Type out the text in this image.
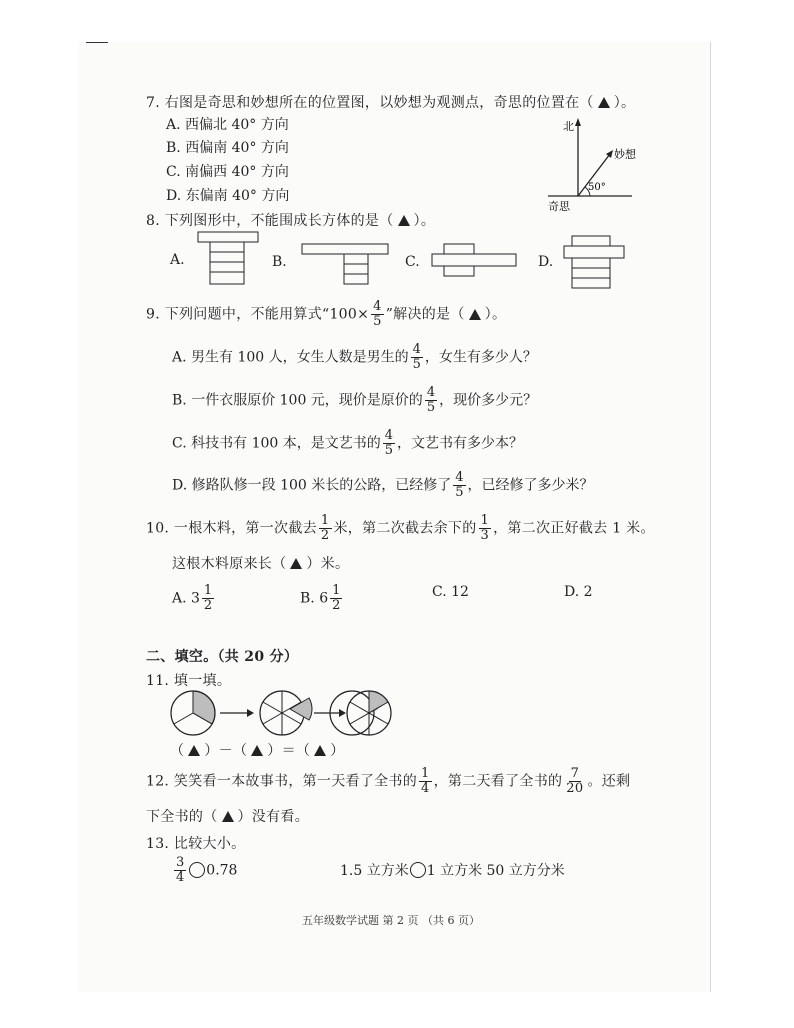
7. 右图是奇思和妙想所在的位置图，以妙想为观测点，奇思的位置在（ ）。
A. 西偏北 40° 方向
B. 西偏南 40° 方向
C. 南偏西 40° 方向
D. 东偏南 40° 方向
北
妙想
50°
奇思
8. 下列图形中，不能围成长方体的是（ ）。
A.	B.	C.	D.
9. 下列问题中，不能用算式“$100\times \frac{4}{5}$ ”解决的是（ ）。
A. 男生有 100 人，女生人数是男生的 $\frac{4}{5}$ ，女生有多少人？
B. 一件衣服原价 100 元，现价是原价的 $\frac{4}{5}$ ，现价多少元？
C. 科技书有 100 本，是文艺书的 $\frac{4}{5}$ ，文艺书有多少本？
D. 修路队修一段 100 米长的公路，已经修了 $\frac{4}{5}$ ，已经修了多少米？
10. 一根木料，第一次截去 $\frac{1}{2}$ 米，第二次截去余下的 $\frac{1}{3}$ ，第二次正好截去 1 米。
这根木料原来长（ ）米。
A. $3 \frac{1}{2}$	B. $6 \frac{1}{2}$	C. 12	D. 2
二、填空。（共 20 分）
11. 填一填。
（ ）－（ ）＝（ ）
12. 笑笑看一本故事书，第一天看了全书的 $\frac{1}{4}$ ，第二天看了全书的 $\frac{7}{20}$ 。还剩
下全书的（ ）没有看。
13. 比较大小。
$\frac{3}{4} 0.78$	1.5 立方米 1 立方米 50 立方分米
五年级数学试题 第 2 页 （共 6 页）
